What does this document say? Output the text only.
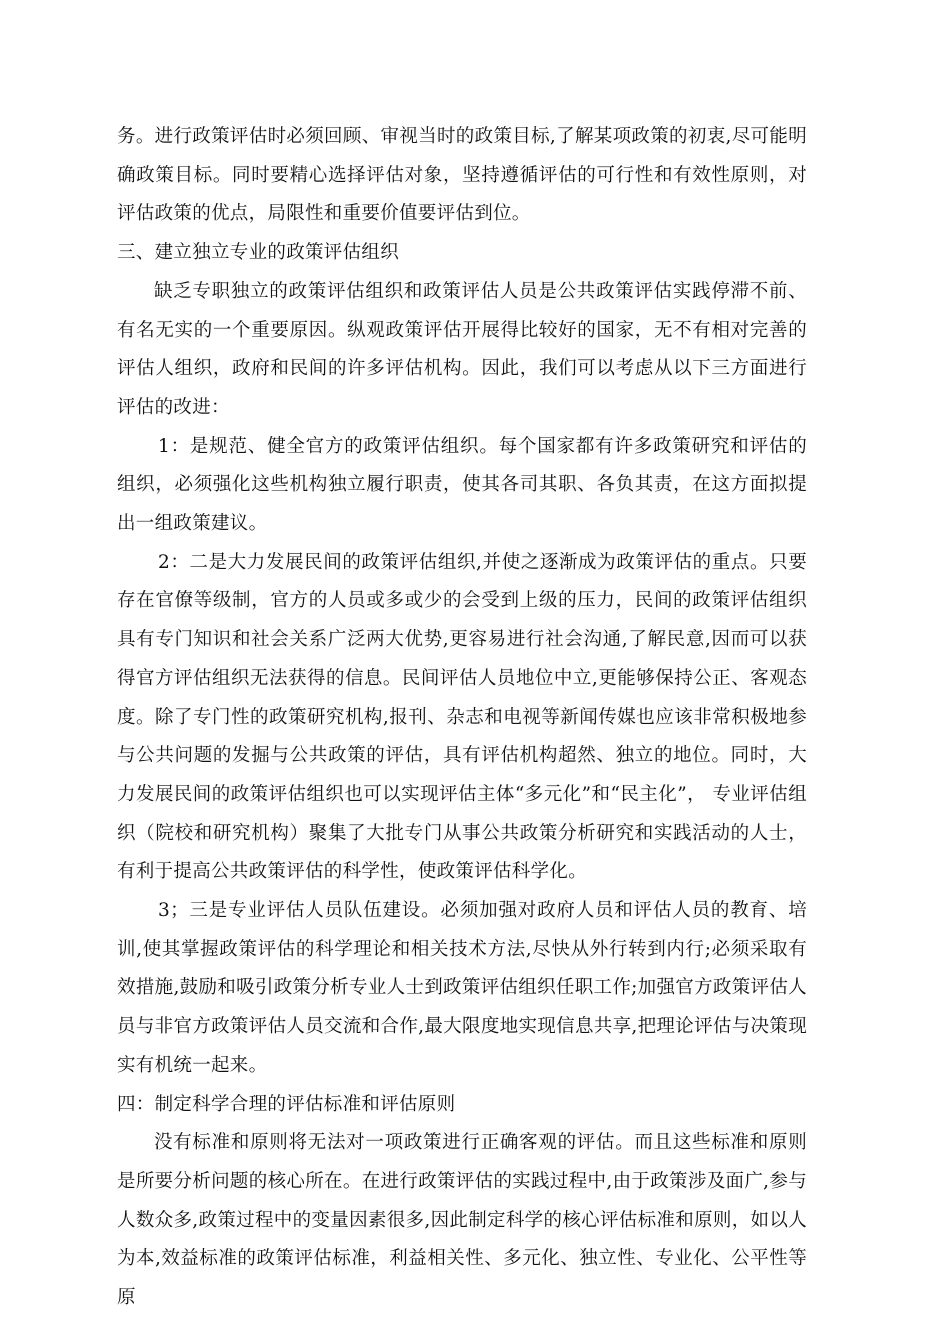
务。进行政策评估时必须回顾、审视当时的政策目标,了解某项政策的初衷,尽可能明确政策目标。同时要精心选择评估对象，坚持遵循评估的可行性和有效性原则，对评估政策的优点，局限性和重要价值要评估到位。

三、建立独立专业的政策评估组织

缺乏专职独立的政策评估组织和政策评估人员是公共政策评估实践停滞不前、有名无实的一个重要原因。纵观政策评估开展得比较好的国家，无不有相对完善的评估人组织，政府和民间的许多评估机构。因此，我们可以考虑从以下三方面进行评估的改进：

1：是规范、健全官方的政策评估组织。每个国家都有许多政策研究和评估的组织，必须强化这些机构独立履行职责，使其各司其职、各负其责，在这方面拟提出一组政策建议。

2：二是大力发展民间的政策评估组织,并使之逐渐成为政策评估的重点。只要存在官僚等级制，官方的人员或多或少的会受到上级的压力，民间的政策评估组织具有专门知识和社会关系广泛两大优势,更容易进行社会沟通,了解民意,因而可以获得官方评估组织无法获得的信息。民间评估人员地位中立,更能够保持公正、客观态度。除了专门性的政策研究机构,报刊、杂志和电视等新闻传媒也应该非常积极地参与公共问题的发掘与公共政策的评估，具有评估机构超然、独立的地位。同时，大力发展民间的政策评估组织也可以实现评估主体“多元化”和“民主化”， 专业评估组织（院校和研究机构）聚集了大批专门从事公共政策分析研究和实践活动的人士，有利于提高公共政策评估的科学性，使政策评估科学化。

3；三是专业评估人员队伍建设。必须加强对政府人员和评估人员的教育、培训,使其掌握政策评估的科学理论和相关技术方法,尽快从外行转到内行;必须采取有效措施,鼓励和吸引政策分析专业人士到政策评估组织任职工作;加强官方政策评估人员与非官方政策评估人员交流和合作,最大限度地实现信息共享,把理论评估与决策现实有机统一起来。

四：制定科学合理的评估标准和评估原则

没有标准和原则将无法对一项政策进行正确客观的评估。而且这些标准和原则是所要分析问题的核心所在。在进行政策评估的实践过程中,由于政策涉及面广,参与人数众多,政策过程中的变量因素很多,因此制定科学的核心评估标准和原则，如以人为本,效益标准的政策评估标准，利益相关性、多元化、独立性、专业化、公平性等原
